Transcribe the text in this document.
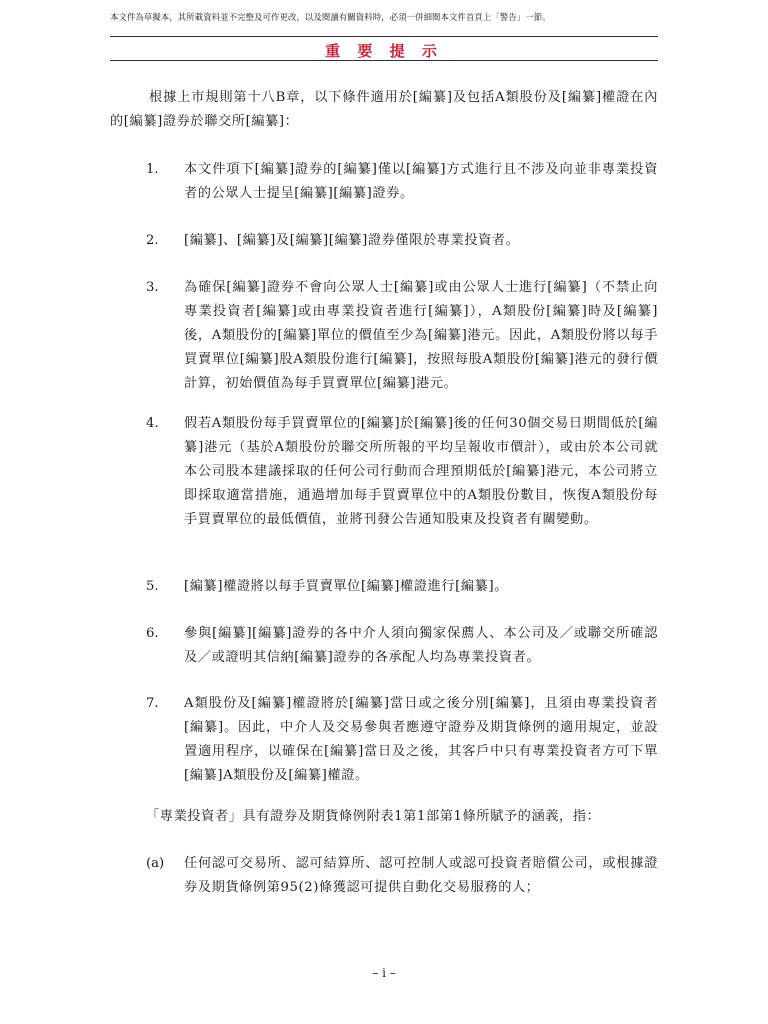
本文件為草擬本，其所載資料並不完整及可作更改，以及閱讀有關資料時，必須一併細閱本文件首頁上「警告」一節。
重 要 提 示
根據上市規則第十八B章，以下條件適用於[編纂]及包括A類股份及[編纂]權證在內的[編纂]證券於聯交所[編纂]：
1. 本文件項下[編纂]證券的[編纂]僅以[編纂]方式進行且不涉及向並非專業投資者的公眾人士提呈[編纂][編纂]證券。
2. [編纂]、[編纂]及[編纂][編纂]證券僅限於專業投資者。
3. 為確保[編纂]證券不會向公眾人士[編纂]或由公眾人士進行[編纂]（不禁止向專業投資者[編纂]或由專業投資者進行[編纂]），A類股份[編纂]時及[編纂]後，A類股份的[編纂]單位的價值至少為[編纂]港元。因此，A類股份將以每手買賣單位[編纂]股A類股份進行[編纂]，按照每股A類股份[編纂]港元的發行價計算，初始價值為每手買賣單位[編纂]港元。
4. 假若A類股份每手買賣單位的[編纂]於[編纂]後的任何30個交易日期間低於[編纂]港元（基於A類股份於聯交所所報的平均呈報收市價計），或由於本公司就本公司股本建議採取的任何公司行動而合理預期低於[編纂]港元，本公司將立即採取適當措施，通過增加每手買賣單位中的A類股份數目，恢復A類股份每手買賣單位的最低價值，並將刊發公告通知股東及投資者有關變動。
5. [編纂]權證將以每手買賣單位[編纂]權證進行[編纂]。
6. 參與[編纂][編纂]證券的各中介人須向獨家保薦人、本公司及／或聯交所確認及／或證明其信納[編纂]證券的各承配人均為專業投資者。
7. A類股份及[編纂]權證將於[編纂]當日或之後分別[編纂]，且須由專業投資者[編纂]。因此，中介人及交易參與者應遵守證券及期貨條例的適用規定，並設置適用程序，以確保在[編纂]當日及之後，其客戶中只有專業投資者方可下單[編纂]A類股份及[編纂]權證。
「專業投資者」具有證券及期貨條例附表1第1部第1條所賦予的涵義，指：
(a) 任何認可交易所、認可結算所、認可控制人或認可投資者賠償公司，或根據證券及期貨條例第95(2)條獲認可提供自動化交易服務的人；
– i –
